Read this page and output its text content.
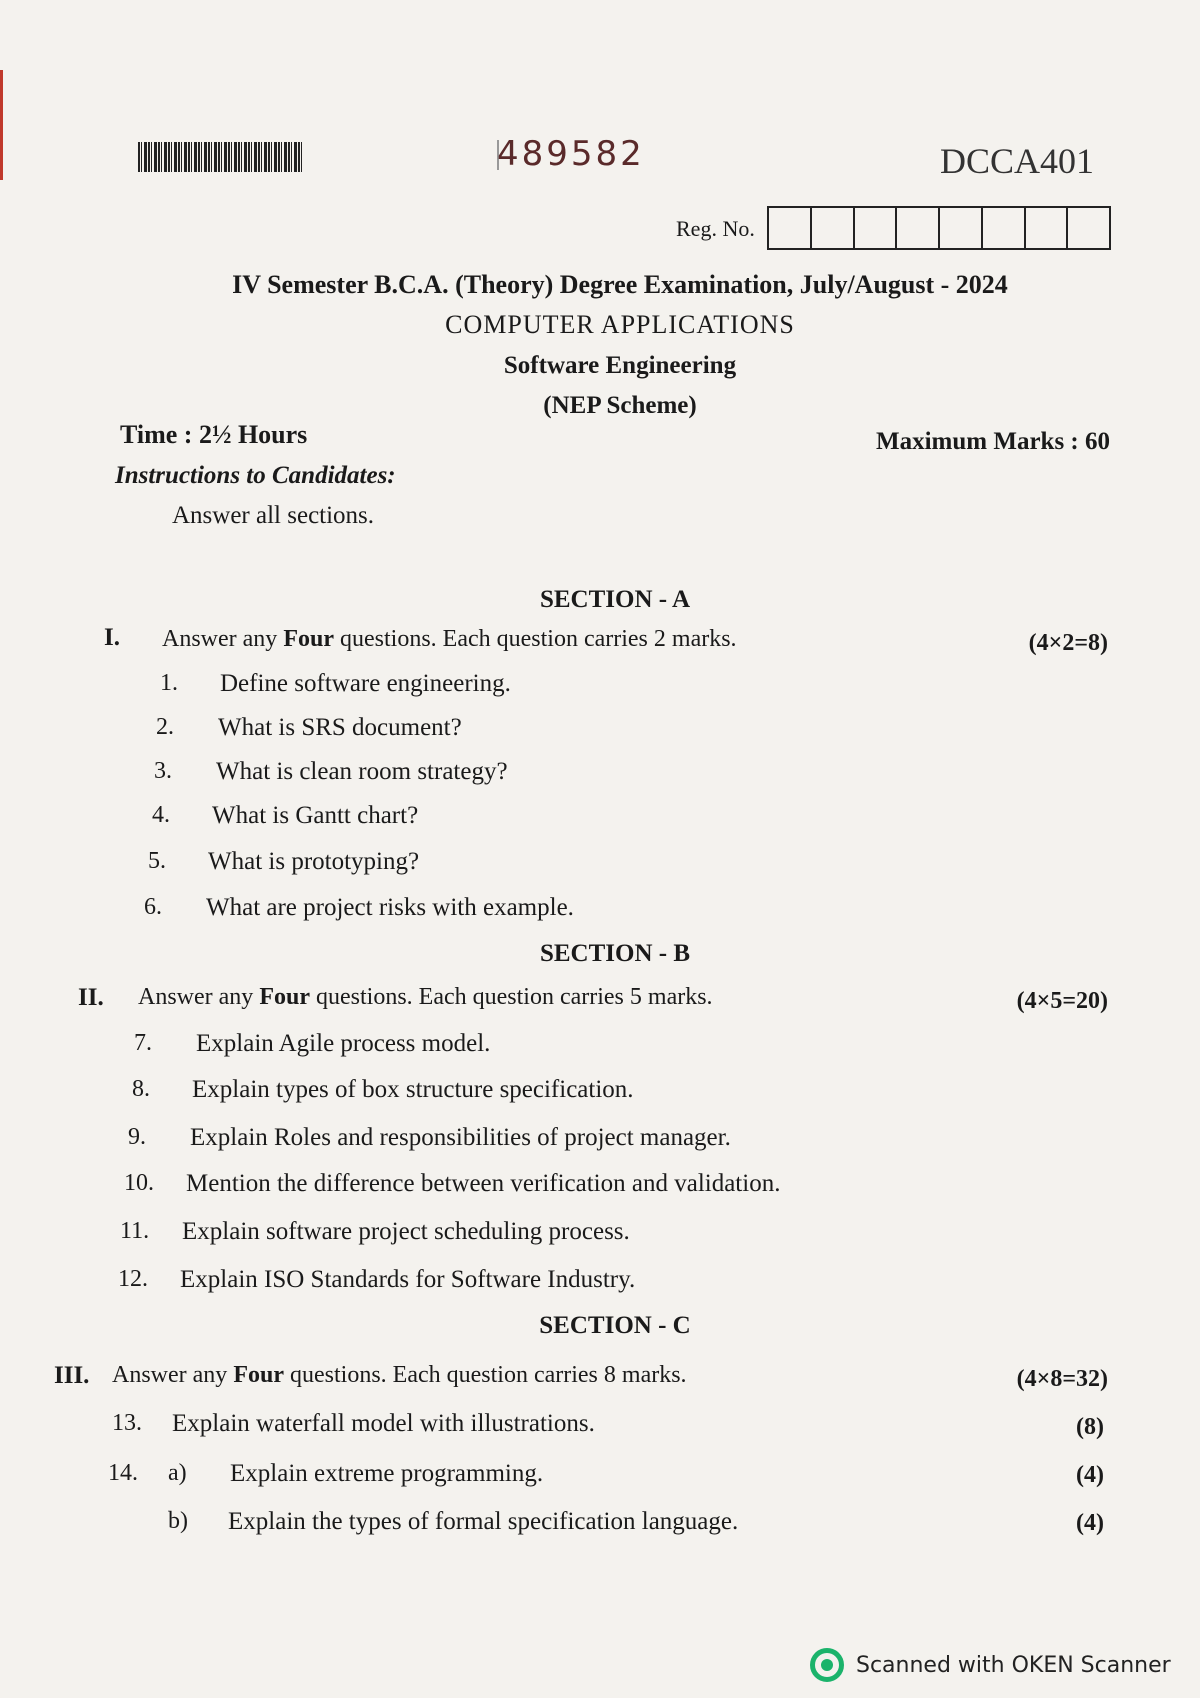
489582	DCCA401
Reg. No.
IV Semester B.C.A. (Theory) Degree Examination, July/August - 2024
COMPUTER APPLICATIONS
Software Engineering
(NEP Scheme)
Time : 2½ Hours	Maximum Marks : 60
Instructions to Candidates:
Answer all sections.
SECTION - A
I. Answer any Four questions. Each question carries 2 marks.	(4×2=8)
1. Define software engineering.
2. What is SRS document?
3. What is clean room strategy?
4. What is Gantt chart?
5. What is prototyping?
6. What are project risks with example.
SECTION - B
II. Answer any Four questions. Each question carries 5 marks.	(4×5=20)
7. Explain Agile process model.
8. Explain types of box structure specification.
9. Explain Roles and responsibilities of project manager.
10. Mention the difference between verification and validation.
11. Explain software project scheduling process.
12. Explain ISO Standards for Software Industry.
SECTION - C
III. Answer any Four questions. Each question carries 8 marks.	(4×8=32)
13. Explain waterfall model with illustrations.	(8)
14. a) Explain extreme programming.	(4)
b) Explain the types of formal specification language.	(4)
Scanned with OKEN Scanner
